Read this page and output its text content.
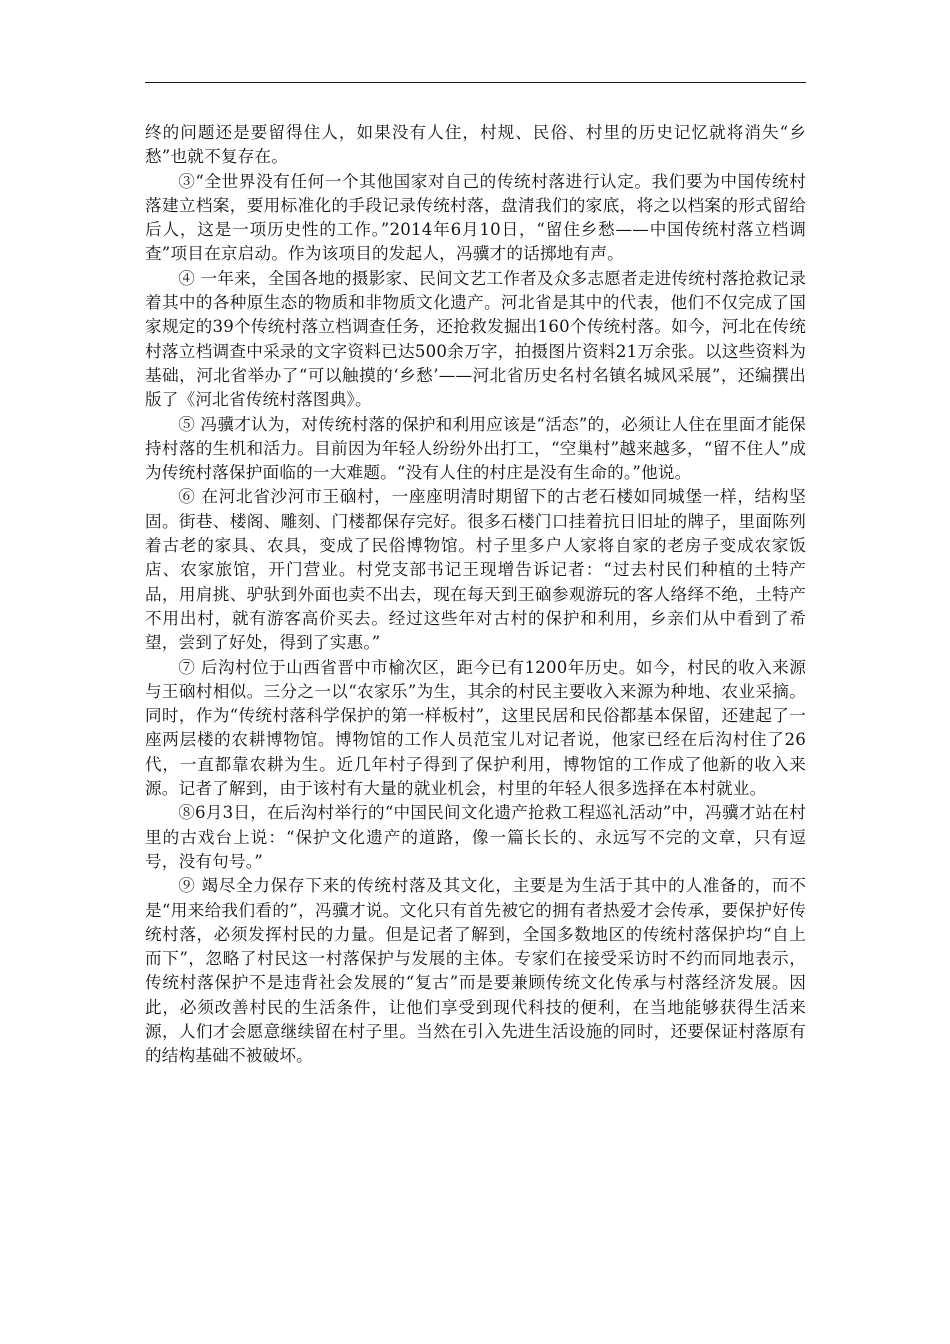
终的问题还是要留得住人，如果没有人住，村规、民俗、村里的历史记忆就将消失“乡愁”也就不复存在。

③“全世界没有任何一个其他国家对自己的传统村落进行认定。我们要为中国传统村落建立档案，要用标准化的手段记录传统村落，盘清我们的家底，将之以档案的形式留给后人，这是一项历史性的工作。”2014年6月10日，“留住乡愁——中国传统村落立档调查”项目在京启动。作为该项目的发起人，冯骥才的话掷地有声。

④ 一年来，全国各地的摄影家、民间文艺工作者及众多志愿者走进传统村落抢救记录着其中的各种原生态的物质和非物质文化遗产。河北省是其中的代表，他们不仅完成了国家规定的39个传统村落立档调查任务，还抢救发掘出160个传统村落。如今，河北在传统村落立档调查中采录的文字资料已达500余万字，拍摄图片资料21万余张。以这些资料为基础，河北省举办了“可以触摸的‘乡愁’——河北省历史名村名镇名城风采展”，还编撰出版了《河北省传统村落图典》。

⑤ 冯骥才认为，对传统村落的保护和利用应该是“活态”的，必须让人住在里面才能保持村落的生机和活力。目前因为年轻人纷纷外出打工，“空巢村”越来越多，“留不住人”成为传统村落保护面临的一大难题。“没有人住的村庄是没有生命的。”他说。

⑥ 在河北省沙河市王硇村，一座座明清时期留下的古老石楼如同城堡一样，结构坚固。街巷、楼阁、雕刻、门楼都保存完好。很多石楼门口挂着抗日旧址的牌子，里面陈列着古老的家具、农具，变成了民俗博物馆。村子里多户人家将自家的老房子变成农家饭店、农家旅馆，开门营业。村党支部书记王现增告诉记者：“过去村民们种植的土特产品，用肩挑、驴驮到外面也卖不出去，现在每天到王硇参观游玩的客人络绎不绝，土特产不用出村，就有游客高价买去。经过这些年对古村的保护和利用，乡亲们从中看到了希望，尝到了好处，得到了实惠。”

⑦ 后沟村位于山西省晋中市榆次区，距今已有1200年历史。如今，村民的收入来源与王硇村相似。三分之一以“农家乐”为生，其余的村民主要收入来源为种地、农业采摘。同时，作为“传统村落科学保护的第一样板村”，这里民居和民俗都基本保留，还建起了一座两层楼的农耕博物馆。博物馆的工作人员范宝儿对记者说，他家已经在后沟村住了26代，一直都靠农耕为生。近几年村子得到了保护利用，博物馆的工作成了他新的收入来源。记者了解到，由于该村有大量的就业机会，村里的年轻人很多选择在本村就业。

⑧6月3日，在后沟村举行的“中国民间文化遗产抢救工程巡礼活动”中，冯骥才站在村里的古戏台上说：“保护文化遗产的道路，像一篇长长的、永远写不完的文章，只有逗号，没有句号。”

⑨ 竭尽全力保存下来的传统村落及其文化，主要是为生活于其中的人准备的，而不是“用来给我们看的”，冯骥才说。文化只有首先被它的拥有者热爱才会传承，要保护好传统村落，必须发挥村民的力量。但是记者了解到，全国多数地区的传统村落保护均“自上而下”，忽略了村民这一村落保护与发展的主体。专家们在接受采访时不约而同地表示，传统村落保护不是违背社会发展的“复古”而是要兼顾传统文化传承与村落经济发展。因此，必须改善村民的生活条件，让他们享受到现代科技的便利，在当地能够获得生活来源，人们才会愿意继续留在村子里。当然在引入先进生活设施的同时，还要保证村落原有的结构基础不被破坏。
